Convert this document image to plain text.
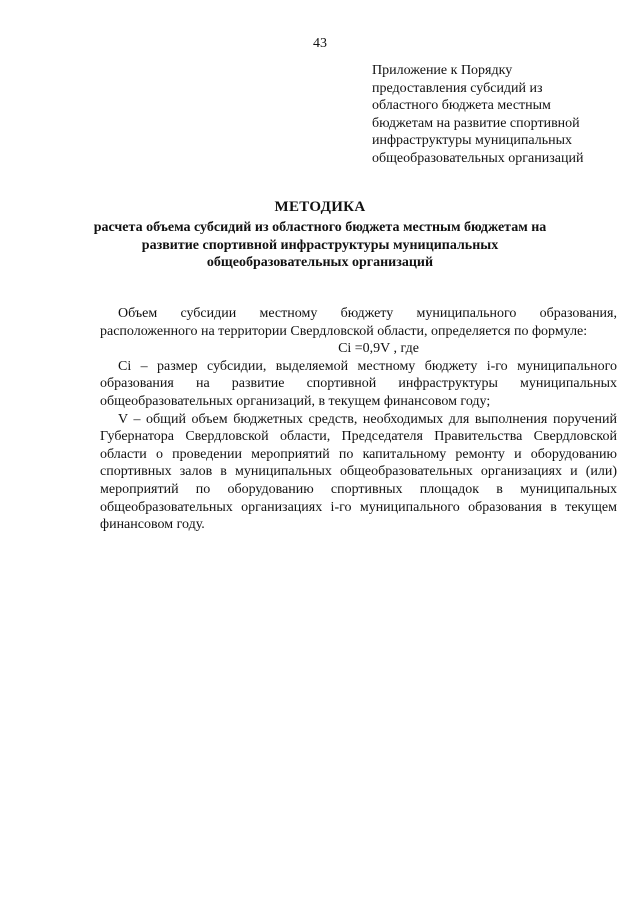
43
Приложение к Порядку
предоставления субсидий из
областного бюджета местным
бюджетам на развитие спортивной
инфраструктуры муниципальных
общеобразовательных организаций
МЕТОДИКА
расчета объема субсидий из областного бюджета местным бюджетам на
развитие спортивной инфраструктуры муниципальных
общеобразовательных организаций

Объем субсидии местному бюджету муниципального образования, расположенного на территории Свердловской области, определяется по формуле:

Сi =0,9V , где

Сi – размер субсидии, выделяемой местному бюджету i-го муниципального образования на развитие спортивной инфраструктуры муниципальных общеобразовательных организаций, в текущем финансовом году;

V – общий объем бюджетных средств, необходимых для выполнения поручений Губернатора Свердловской области, Председателя Правительства Свердловской области о проведении мероприятий по капитальному ремонту и оборудованию спортивных залов в муниципальных общеобразовательных организациях и (или) мероприятий по оборудованию спортивных площадок в муниципальных общеобразовательных организациях i-го муниципального образования в текущем финансовом году.
